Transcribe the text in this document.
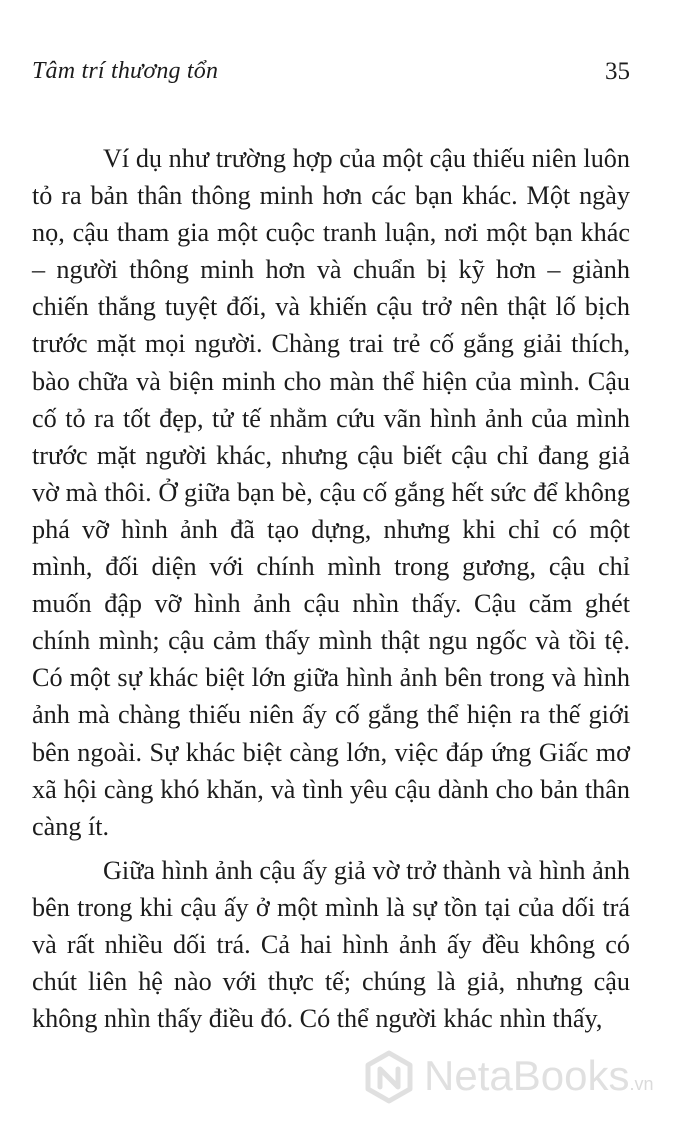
Tâm trí thương tổn	35

Ví dụ như trường hợp của một cậu thiếu niên luôn tỏ ra bản thân thông minh hơn các bạn khác. Một ngày nọ, cậu tham gia một cuộc tranh luận, nơi một bạn khác – người thông minh hơn và chuẩn bị kỹ hơn – giành chiến thắng tuyệt đối, và khiến cậu trở nên thật lố bịch trước mặt mọi người. Chàng trai trẻ cố gắng giải thích, bào chữa và biện minh cho màn thể hiện của mình. Cậu cố tỏ ra tốt đẹp, tử tế nhằm cứu vãn hình ảnh của mình trước mặt người khác, nhưng cậu biết cậu chỉ đang giả vờ mà thôi. Ở giữa bạn bè, cậu cố gắng hết sức để không phá vỡ hình ảnh đã tạo dựng, nhưng khi chỉ có một mình, đối diện với chính mình trong gương, cậu chỉ muốn đập vỡ hình ảnh cậu nhìn thấy. Cậu căm ghét chính mình; cậu cảm thấy mình thật ngu ngốc và tồi tệ. Có một sự khác biệt lớn giữa hình ảnh bên trong và hình ảnh mà chàng thiếu niên ấy cố gắng thể hiện ra thế giới bên ngoài. Sự khác biệt càng lớn, việc đáp ứng Giấc mơ xã hội càng khó khăn, và tình yêu cậu dành cho bản thân càng ít.

Giữa hình ảnh cậu ấy giả vờ trở thành và hình ảnh bên trong khi cậu ấy ở một mình là sự tồn tại của dối trá và rất nhiều dối trá. Cả hai hình ảnh ấy đều không có chút liên hệ nào với thực tế; chúng là giả, nhưng cậu không nhìn thấy điều đó. Có thể người khác nhìn thấy,

NetaBooks.vn
